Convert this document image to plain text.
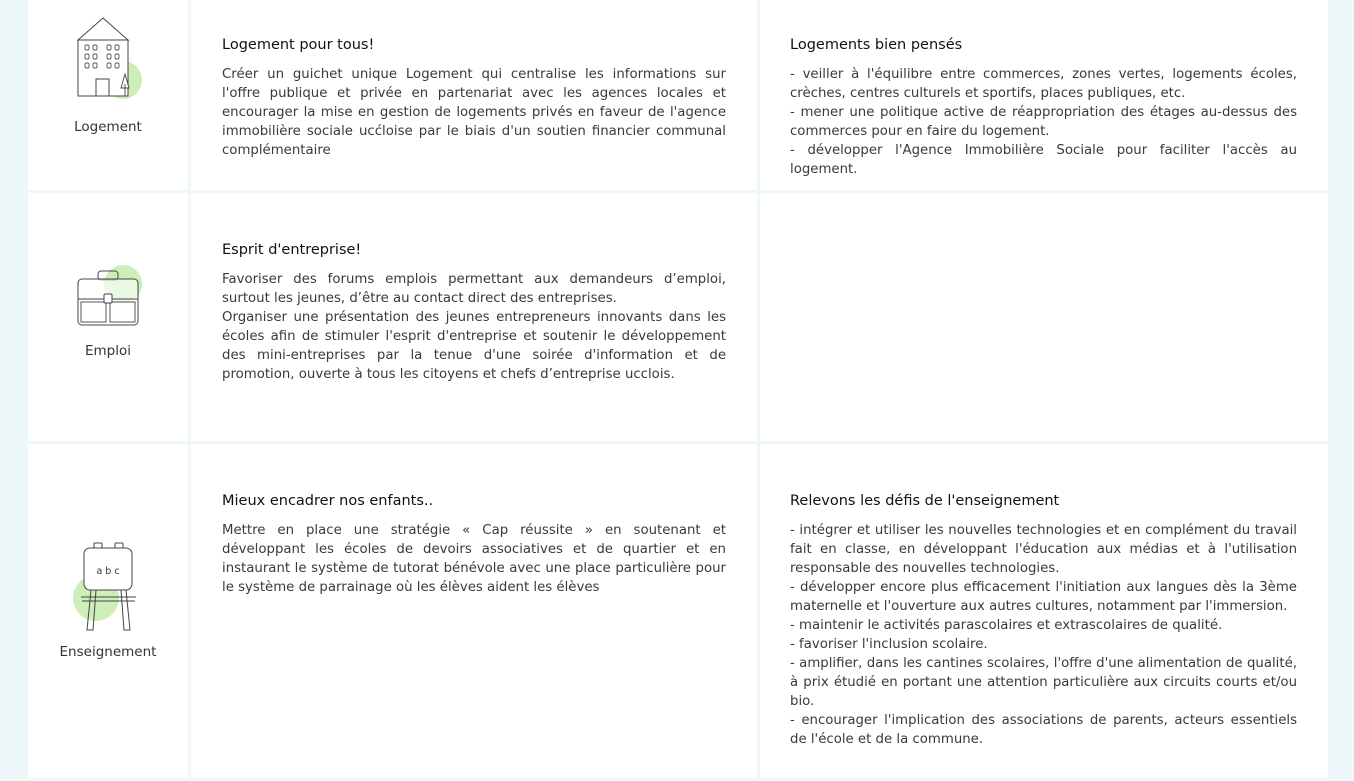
Logement
Logement pour tous!

Créer un guichet unique Logement qui centralise les informations sur l'offre publique et privée en partenariat avec les agences locales et encourager la mise en gestion de logements privés en faveur de l'agence immobilière sociale ucćloise par le biais d'un soutien financier communal complémentaire

Logements bien pensés

- veiller à l'équilibre entre commerces, zones vertes, logements écoles, crèches, centres culturels et sportifs, places publiques, etc.

- mener une politique active de réappropriation des étages au-dessus des commerces pour en faire du logement.

- développer l'Agence Immobilière Sociale pour faciliter l'accès au logement.

Emploi
Esprit d'entreprise!

Favoriser des forums emplois permettant aux demandeurs d’emploi, surtout les jeunes, d’être au contact direct des entreprises.

Organiser une présentation des jeunes entrepreneurs innovants dans les écoles afin de stimuler l'esprit d'entreprise et soutenir le développement des mini-entreprises par la tenue d'une soirée d'information et de promotion, ouverte à tous les citoyens et chefs d’entreprise ucclois.

a b c
Enseignement
Mieux encadrer nos enfants..

Mettre en place une stratégie « Cap réussite » en soutenant et développant les écoles de devoirs associatives et de quartier et en instaurant le système de tutorat bénévole avec une place particulière pour le système de parrainage où les élèves aident les élèves

Relevons les défis de l'enseignement

- intégrer et utiliser les nouvelles technologies et en complément du travail fait en classe, en développant l'éducation aux médias et à l'utilisation responsable des nouvelles technologies.

- développer encore plus efficacement l'initiation aux langues dès la 3ème maternelle et l'ouverture aux autres cultures, notamment par l'immersion.

- maintenir le activités parascolaires et extrascolaires de qualité.

- favoriser l'inclusion scolaire.

- amplifier, dans les cantines scolaires, l'offre d'une alimentation de qualité, à prix étudié en portant une attention particulière aux circuits courts et/ou bio.

- encourager l'implication des associations de parents, acteurs essentiels de l'école et de la commune.
